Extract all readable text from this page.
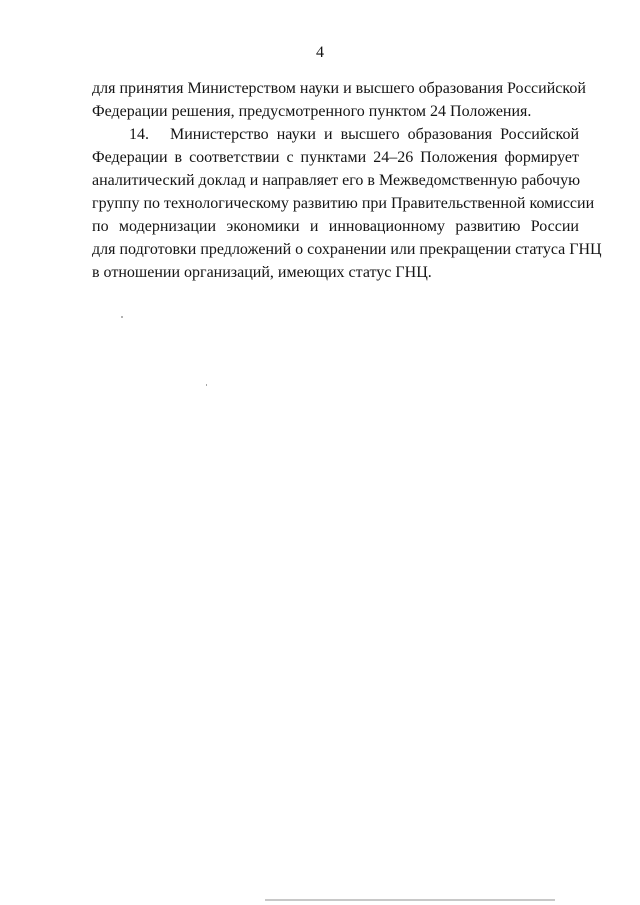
4
для принятия Министерством науки и высшего образования Российской
Федерации решения, предусмотренного пунктом 24 Положения.
14. Министерство науки и высшего образования Российской
Федерации в соответствии с пунктами 24–26 Положения формирует
аналитический доклад и направляет его в Межведомственную рабочую
группу по технологическому развитию при Правительственной комиссии
по модернизации экономики и инновационному развитию России
для подготовки предложений о сохранении или прекращении статуса ГНЦ
в отношении организаций, имеющих статус ГНЦ.
